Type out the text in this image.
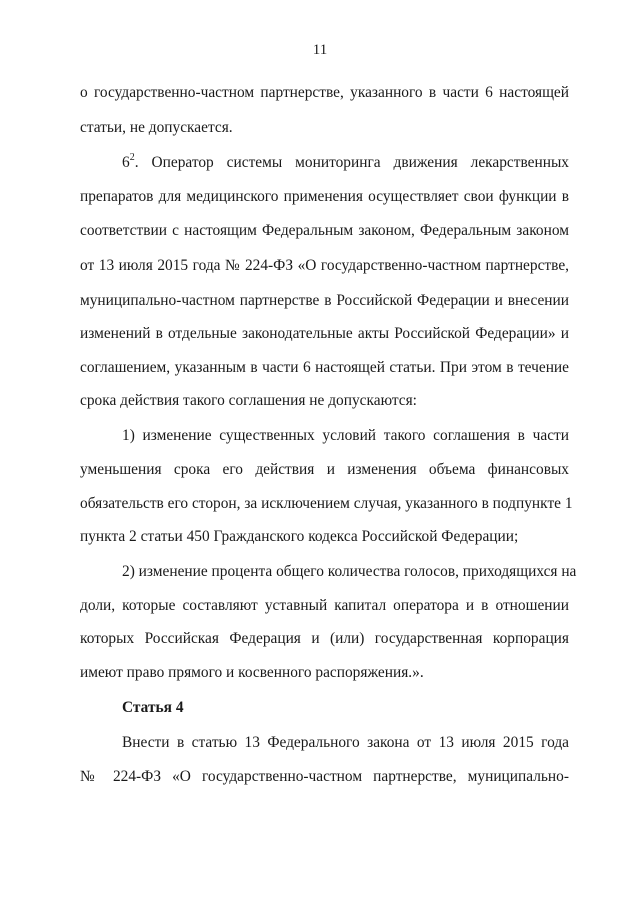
11
о государственно-частном партнерстве, указанного в части 6 настоящей
статьи, не допускается.
$6^2$. Оператор системы мониторинга движения лекарственных
препаратов для медицинского применения осуществляет свои функции в
соответствии с настоящим Федеральным законом, Федеральным законом
от 13 июля 2015 года № 224-ФЗ «О государственно-частном партнерстве,
муниципально-частном партнерстве в Российской Федерации и внесении
изменений в отдельные законодательные акты Российской Федерации» и
соглашением, указанным в части 6 настоящей статьи. При этом в течение
срока действия такого соглашения не допускаются:
1) изменение существенных условий такого соглашения в части
уменьшения срока его действия и изменения объема финансовых
обязательств его сторон, за исключением случая, указанного в подпункте 1
пункта 2 статьи 450 Гражданского кодекса Российской Федерации;
2) изменение процента общего количества голосов, приходящихся на
доли, которые составляют уставный капитал оператора и в отношении
которых Российская Федерация и (или) государственная корпорация
имеют право прямого и косвенного распоряжения.».
Статья 4
Внести в статью 13 Федерального закона от 13 июля 2015 года
№ 224-ФЗ «О государственно-частном партнерстве, муниципально-
